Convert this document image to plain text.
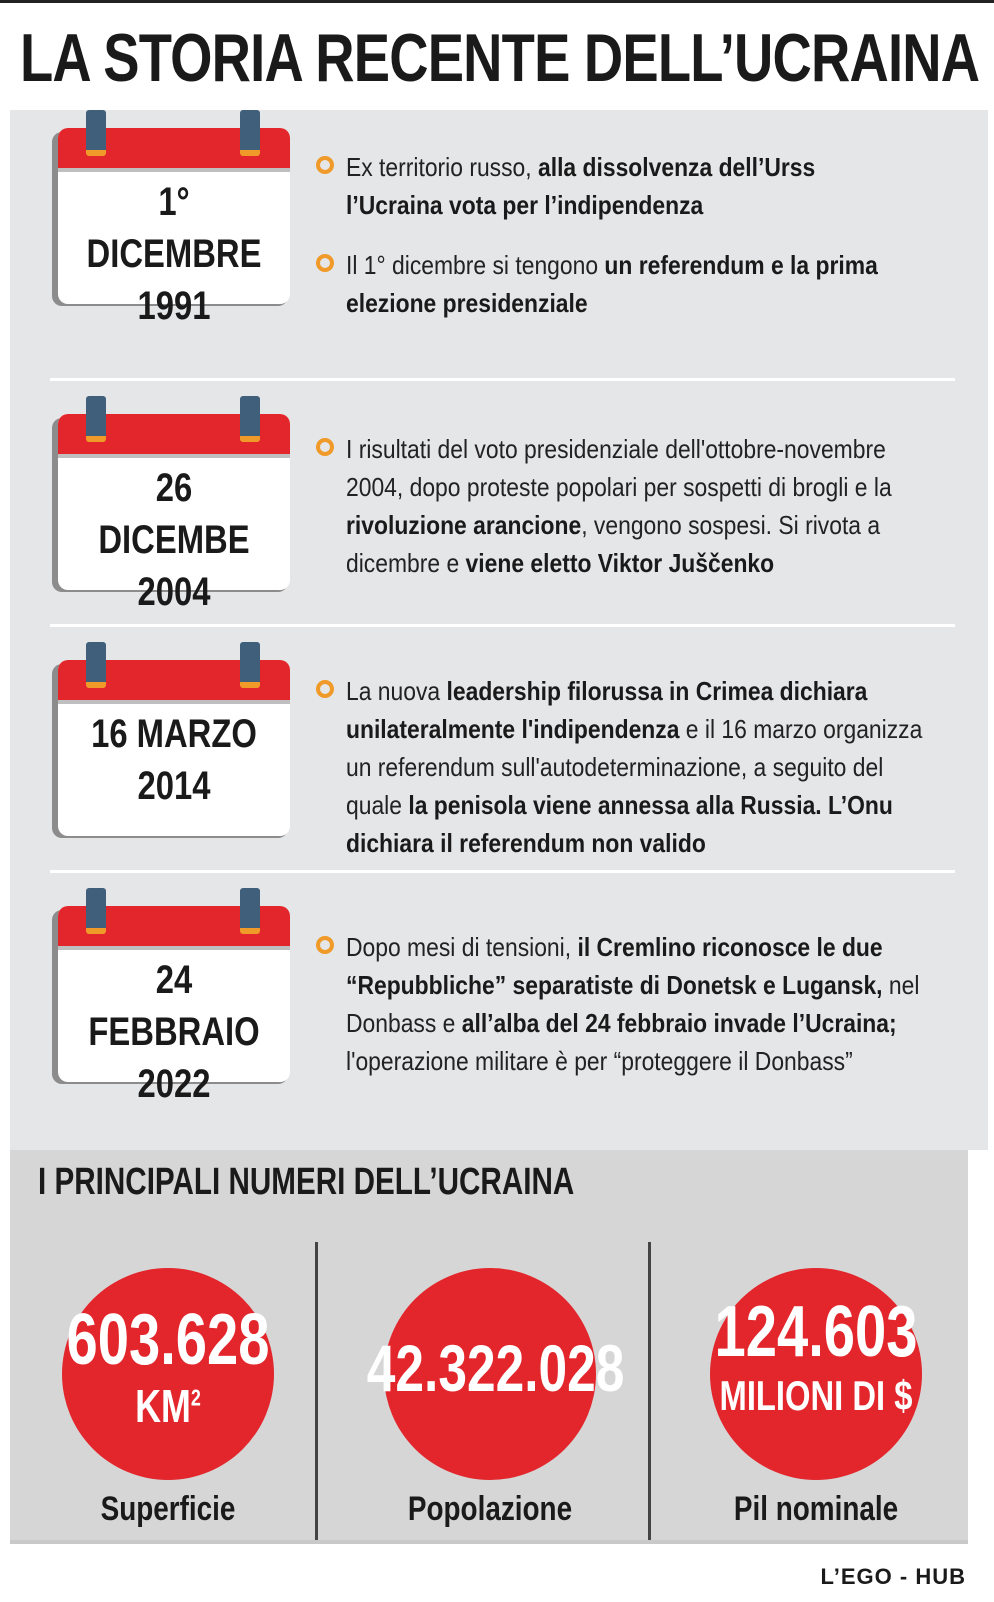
LA STORIA RECENTE DELL’UCRAINA
1° DICEMBRE
1991
Ex territorio russo, alla dissolvenza dell’Urss l’Ucraina vota per l’indipendenza
Il 1° dicembre si tengono un referendum e la prima elezione presidenziale
26 DICEMBE
2004
I risultati del voto presidenziale dell'ottobre-novembre 2004, dopo proteste popolari per sospetti di brogli e la rivoluzione arancione, vengono sospesi. Si rivota a dicembre e viene eletto Viktor Juščenko
16 MARZO
2014
La nuova leadership filorussa in Crimea dichiara unilateralmente l'indipendenza e il 16 marzo organizza un referendum sull'autodeterminazione, a seguito del quale la penisola viene annessa alla Russia. L’Onu dichiara il referendum non valido
24 FEBBRAIO
2022
Dopo mesi di tensioni, il Cremlino riconosce le due “Repubbliche” separatiste di Donetsk e Lugansk, nel Donbass e all’alba del 24 febbraio invade l’Ucraina; l'operazione militare è per “proteggere il Donbass”
I PRINCIPALI NUMERI DELL’UCRAINA
603.628
$KM^2$
Superficie
42.322.028
Popolazione
124.603
MILIONI DI $
Pil nominale
L’EGO - HUB
